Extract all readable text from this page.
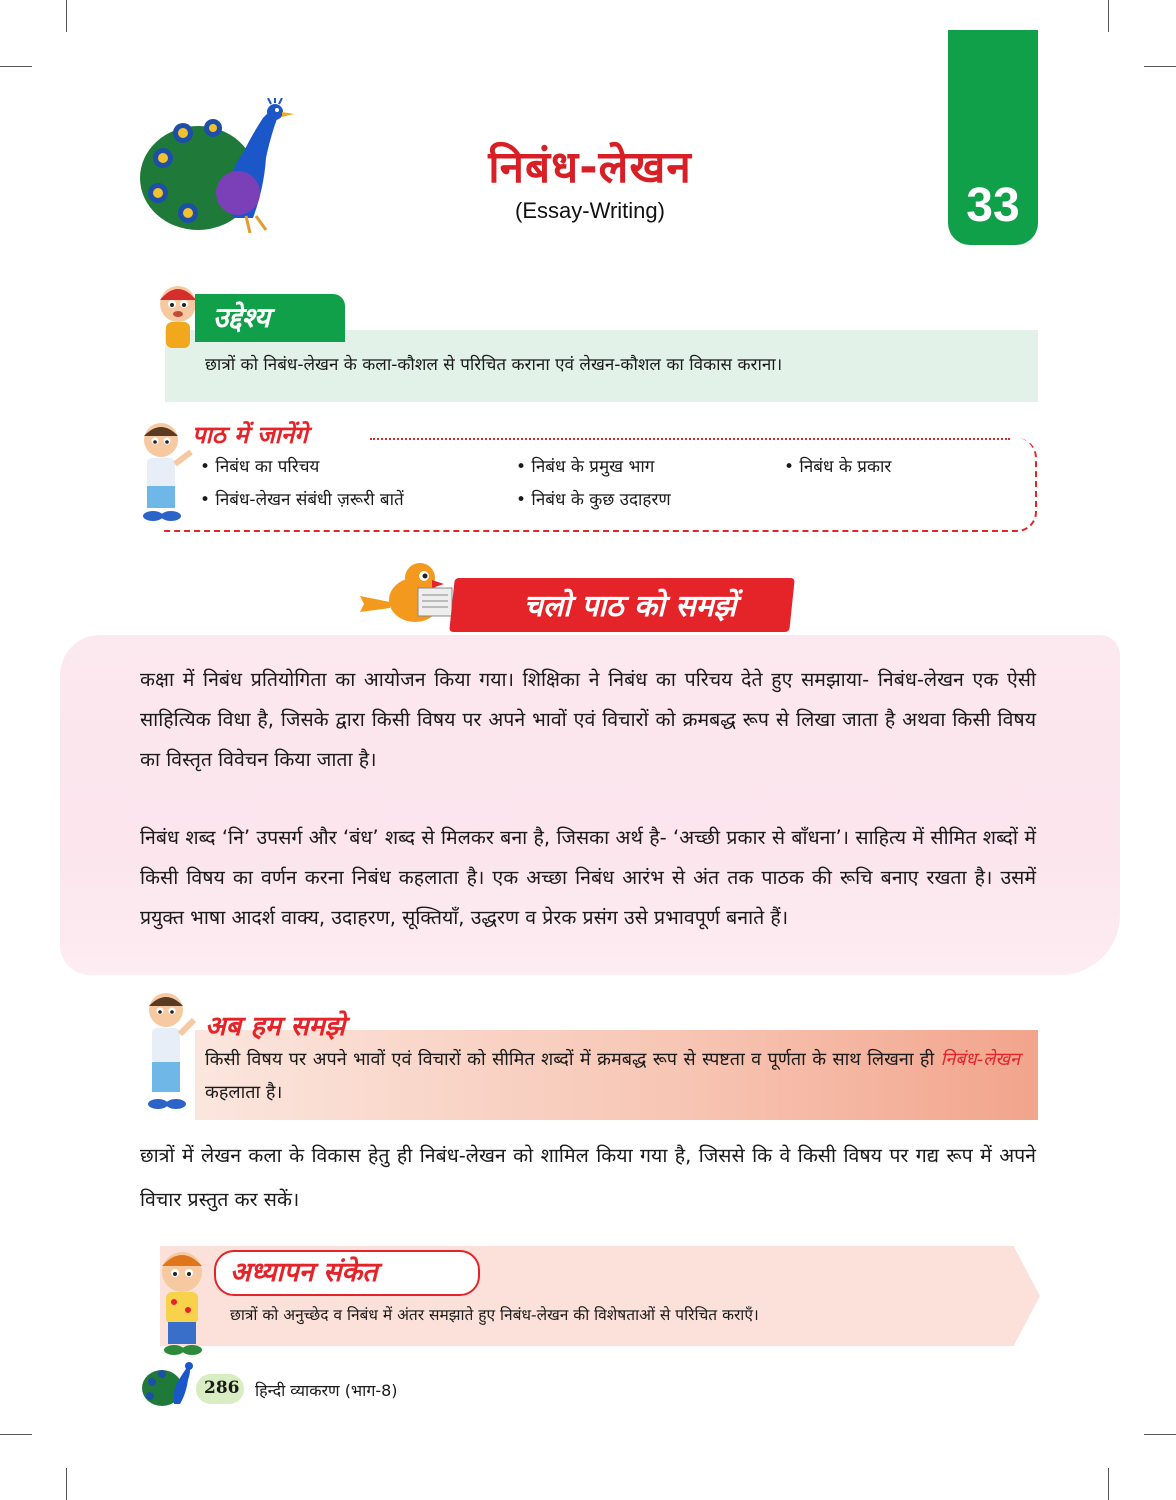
निबंध-लेखन
(Essay-Writing)	33
उद्देश्य
छात्रों को निबंध-लेखन के कला-कौशल से परिचित कराना एवं लेखन-कौशल का विकास कराना।
पाठ में जानेंगे
• निबंध का परिचय	• निबंध के प्रमुख भाग	• निबंध के प्रकार
• निबंध-लेखन संबंधी ज़रूरी बातें	• निबंध के कुछ उदाहरण
चलो पाठ को समझें
कक्षा में निबंध प्रतियोगिता का आयोजन किया गया। शिक्षिका ने निबंध का परिचय देते हुए समझाया- निबंध-लेखन एक ऐसी साहित्यिक विधा है, जिसके द्वारा किसी विषय पर अपने भावों एवं विचारों को क्रमबद्ध रूप से लिखा जाता है अथवा किसी विषय का विस्तृत विवेचन किया जाता है।
निबंध शब्द ‘नि’ उपसर्ग और ‘बंध’ शब्द से मिलकर बना है, जिसका अर्थ है- ‘अच्छी प्रकार से बाँधना’। साहित्य में सीमित शब्दों में किसी विषय का वर्णन करना निबंध कहलाता है। एक अच्छा निबंध आरंभ से अंत तक पाठक की रूचि बनाए रखता है। उसमें प्रयुक्त भाषा आदर्श वाक्य, उदाहरण, सूक्तियाँ, उद्धरण व प्रेरक प्रसंग उसे प्रभावपूर्ण बनाते हैं।
अब हम समझे
किसी विषय पर अपने भावों एवं विचारों को सीमित शब्दों में क्रमबद्ध रूप से स्पष्टता व पूर्णता के साथ लिखना ही निबंध-लेखन कहलाता है।
छात्रों में लेखन कला के विकास हेतु ही निबंध-लेखन को शामिल किया गया है, जिससे कि वे किसी विषय पर गद्य रूप में अपने विचार प्रस्तुत कर सकें।
अध्यापन संकेत
छात्रों को अनुच्छेद व निबंध में अंतर समझाते हुए निबंध-लेखन की विशेषताओं से परिचित कराएँ।
286 हिन्दी व्याकरण (भाग-8)
